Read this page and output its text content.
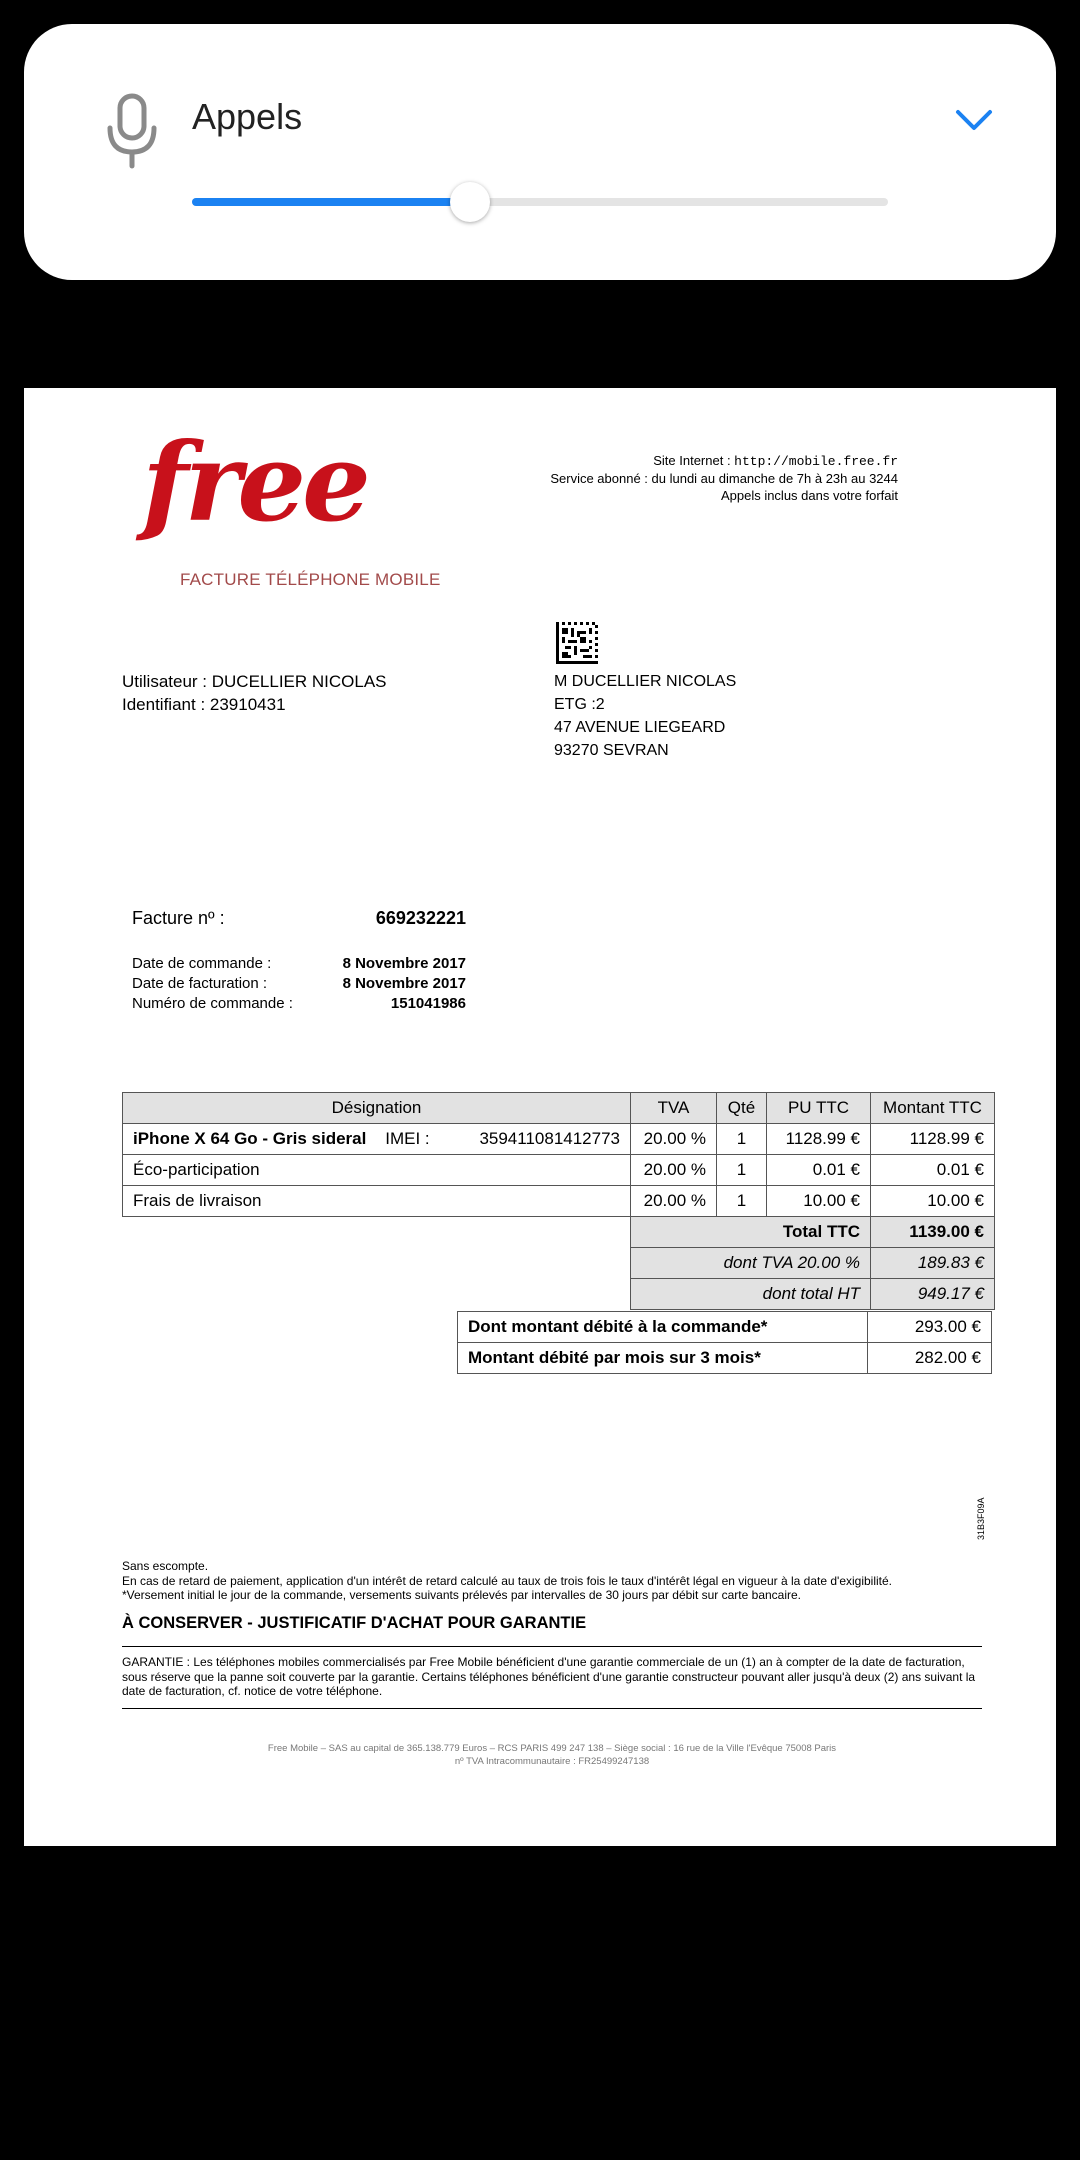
Appels
free
FACTURE TÉLÉPHONE MOBILE
Site Internet : http://mobile.free.fr
Service abonné : du lundi au dimanche de 7h à 23h au 3244
Appels inclus dans votre forfait
Utilisateur : DUCELLIER NICOLAS
Identifiant : 23910431
M DUCELLIER NICOLAS
ETG :2
47 AVENUE LIEGEARD
93270 SEVRAN
Facture nº :	669232221
Date de commande :	8 Novembre 2017
Date de facturation :	8 Novembre 2017
Numéro de commande :	151041986
Désignation	TVA	Qté	PU TTC	Montant TTC
iPhone X 64 Go - Gris sideral IMEI : 359411081412773	20.00 %	1	1128.99 €	1128.99 €
Éco-participation	20.00 %	1	0.01 €	0.01 €
Frais de livraison	20.00 %	1	10.00 €	10.00 €
	Total TTC			1139.00 €
	dont TVA 20.00 %			189.83 €
	dont total HT			949.17 €
Dont montant débité à la commande*	293.00 €
Montant débité par mois sur 3 mois*	282.00 €
31B3F09A
Sans escompte.
En cas de retard de paiement, application d'un intérêt de retard calculé au taux de trois fois le taux d'intérêt légal en vigueur à la date d'exigibilité.
*Versement initial le jour de la commande, versements suivants prélevés par intervalles de 30 jours par débit sur carte bancaire.
À CONSERVER - JUSTIFICATIF D'ACHAT POUR GARANTIE
GARANTIE : Les téléphones mobiles commercialisés par Free Mobile bénéficient d'une garantie commerciale de un (1) an à compter de la date de facturation, sous réserve que la panne soit couverte par la garantie. Certains téléphones bénéficient d'une garantie constructeur pouvant aller jusqu'à deux (2) ans suivant la date de facturation, cf. notice de votre téléphone.
Free Mobile – SAS au capital de 365.138.779 Euros – RCS PARIS 499 247 138 – Siège social : 16 rue de la Ville l'Evêque 75008 Paris
nº TVA Intracommunautaire : FR25499247138
